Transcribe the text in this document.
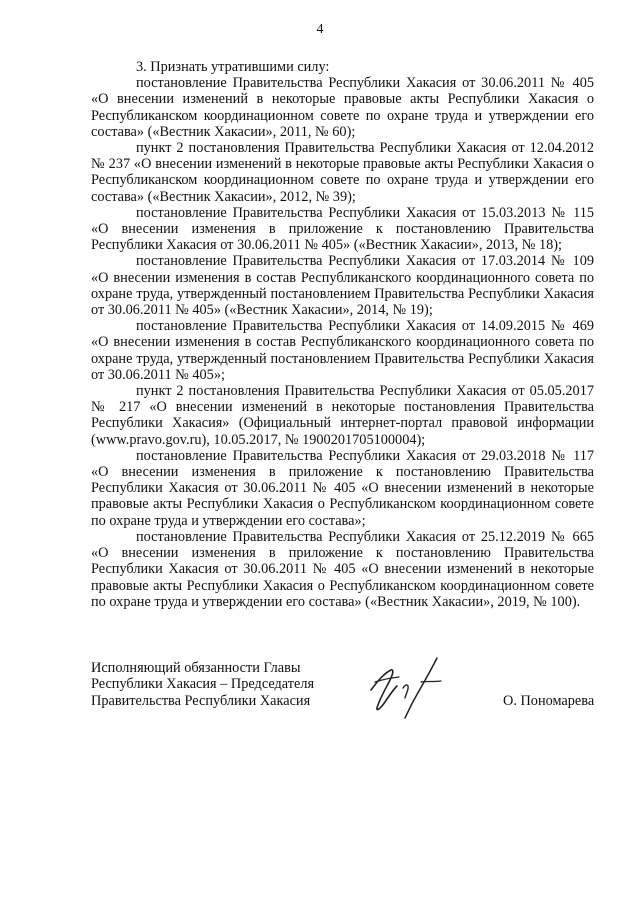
4

3. Признать утратившими силу:

постановление Правительства Республики Хакасия от 30.06.2011 № 405 «О внесении изменений в некоторые правовые акты Республики Хакасия о Республиканском координационном совете по охране труда и утверждении его состава» («Вестник Хакасии», 2011, № 60);

пункт 2 постановления Правительства Республики Хакасия от 12.04.2012 № 237 «О внесении изменений в некоторые правовые акты Республики Хакасия о Республиканском координационном совете по охране труда и утверждении его состава» («Вестник Хакасии», 2012, № 39);

постановление Правительства Республики Хакасия от 15.03.2013 № 115 «О внесении изменения в приложение к постановлению Правительства Республики Хакасия от 30.06.2011 № 405» («Вестник Хакасии», 2013, № 18);

постановление Правительства Республики Хакасия от 17.03.2014 № 109 «О внесении изменения в состав Республиканского координационного совета по охране труда, утвержденный постановлением Правительства Республики Хакасия от 30.06.2011 № 405» («Вестник Хакасии», 2014, № 19);

постановление Правительства Республики Хакасия от 14.09.2015 № 469 «О внесении изменения в состав Республиканского координационного совета по охране труда, утвержденный постановлением Правительства Республики Хакасия от 30.06.2011 № 405»;

пункт 2 постановления Правительства Республики Хакасия от 05.05.2017 № 217 «О внесении изменений в некоторые постановления Правительства Республики Хакасия» (Официальный интернет-портал правовой информации (www.pravo.gov.ru), 10.05.2017, № 1900201705100004);

постановление Правительства Республики Хакасия от 29.03.2018 № 117 «О внесении изменения в приложение к постановлению Правительства Республики Хакасия от 30.06.2011 № 405 «О внесении изменений в некоторые правовые акты Республики Хакасия о Республиканском координационном совете по охране труда и утверждении его состава»;

постановление Правительства Республики Хакасия от 25.12.2019 № 665 «О внесении изменения в приложение к постановлению Правительства Республики Хакасия от 30.06.2011 № 405 «О внесении изменений в некоторые правовые акты Республики Хакасия о Республиканском координационном совете по охране труда и утверждении его состава» («Вестник Хакасии», 2019, № 100).

Исполняющий обязанности Главы
Республики Хакасия – Председателя
Правительства Республики Хакасия	О. Пономарева
